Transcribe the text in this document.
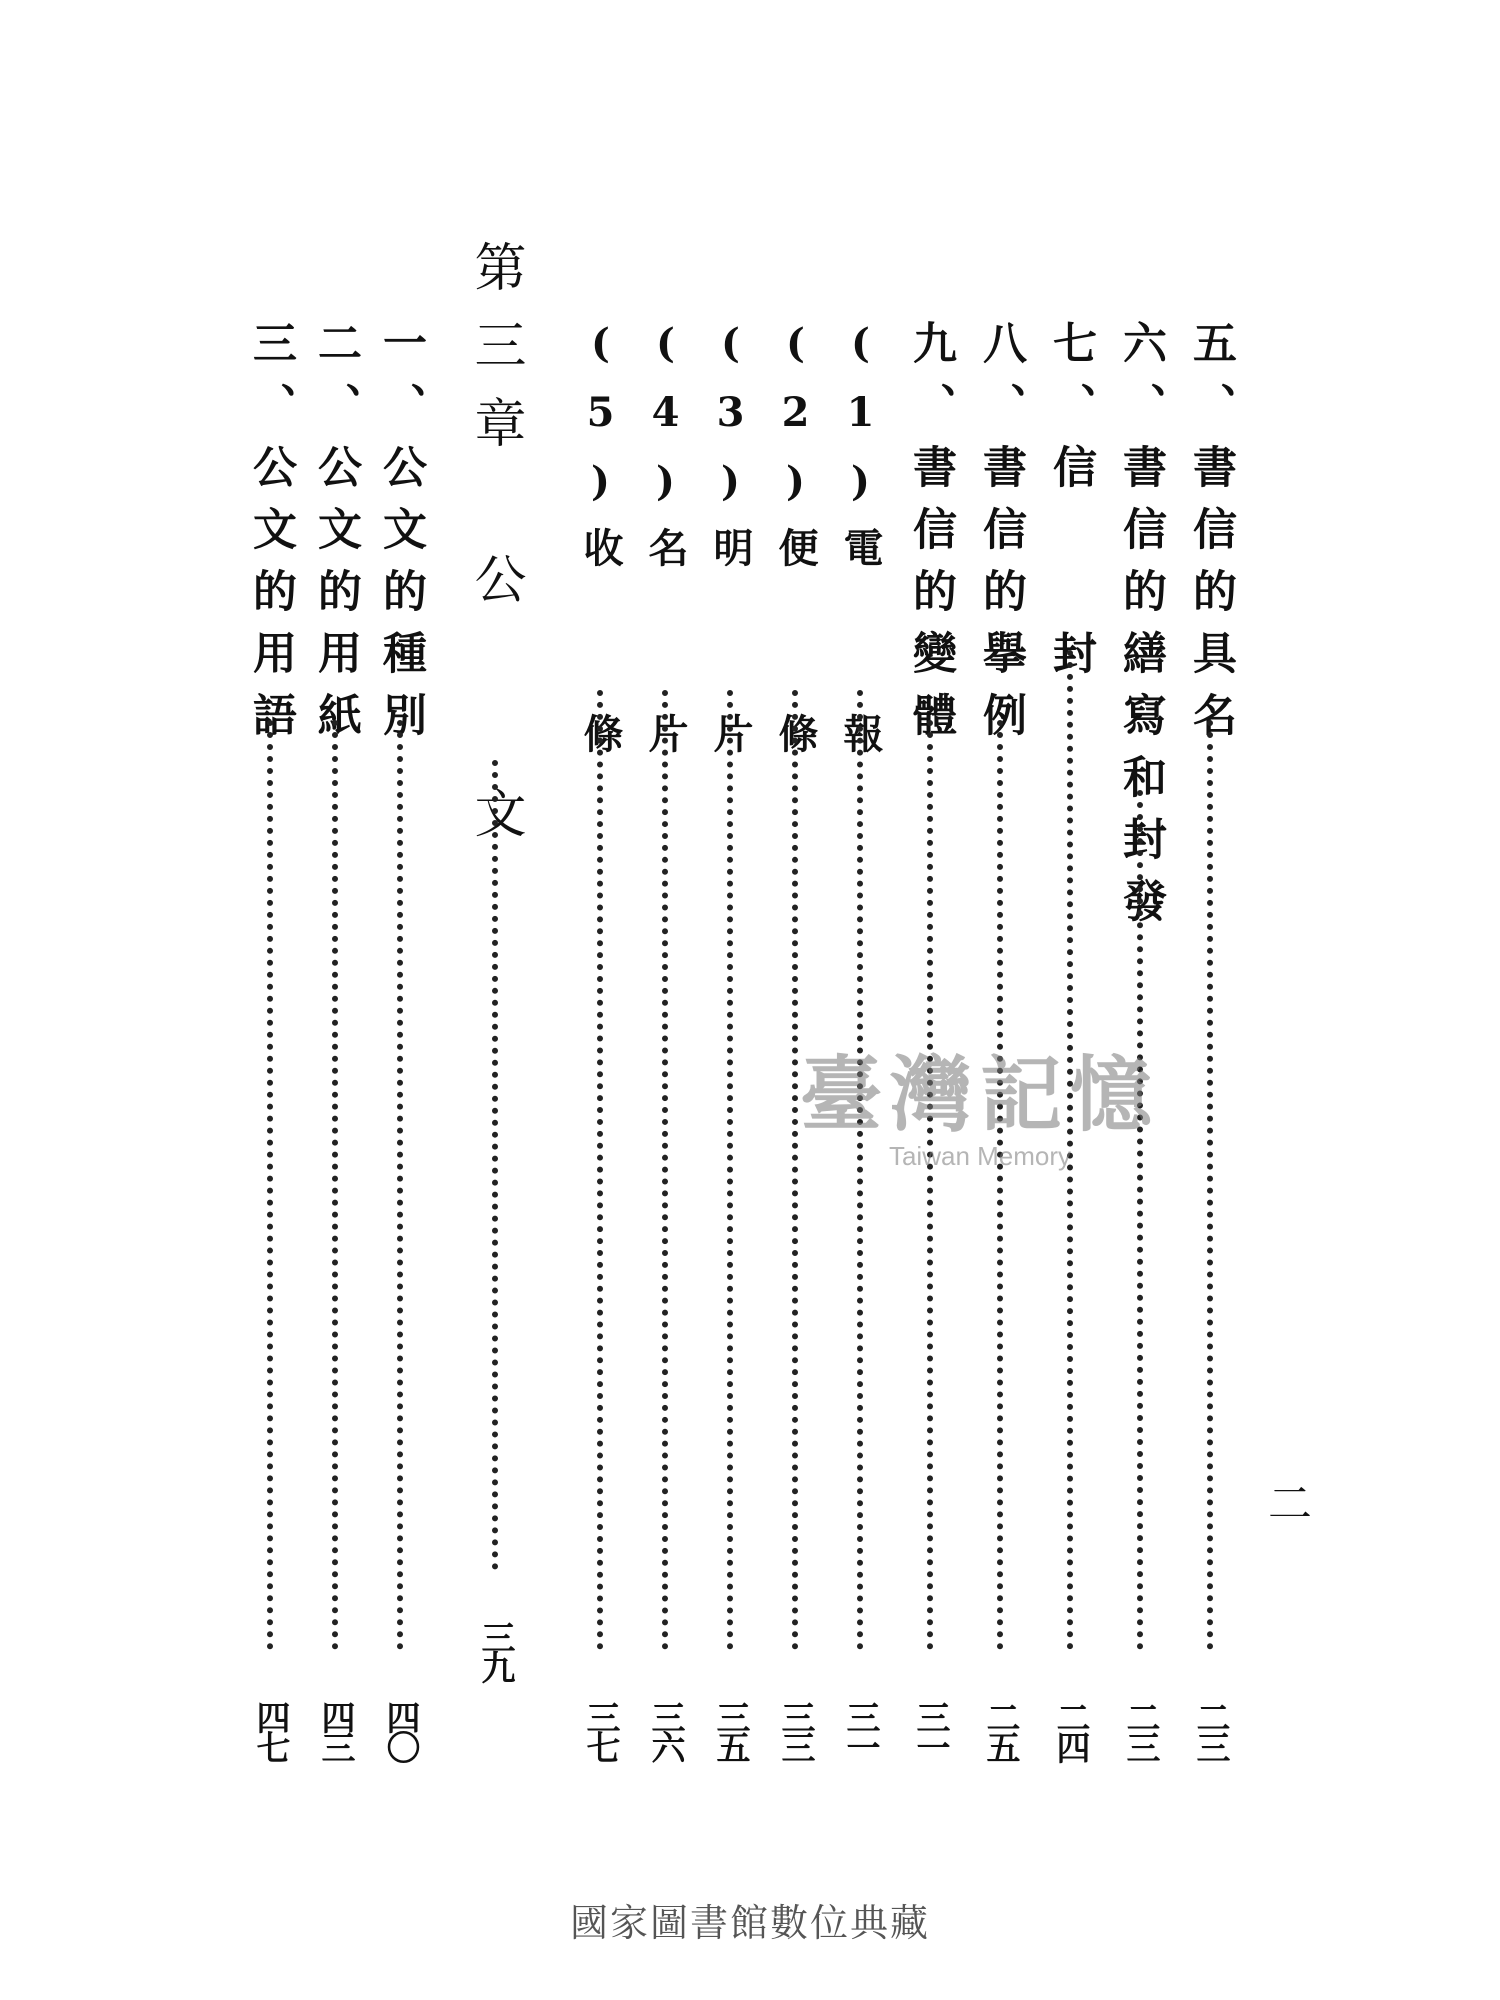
五、書信的具名
二三
六、書信的繕寫和封發
二三
七、信　　封
二四
八、書信的擧例
二五
九、書信的變體
三一
(1)電　　報
三一
(2)便　　條
三三
(3)明　　片
三五
(4)名　　片
三六
(5)收　　條
三七
第三章　公　　文
三九
一、公文的種別
四〇
二、公文的用紙
四三
三、公文的用語
四七
二
臺灣記憶
Taiwan Memory
國家圖書館數位典藏
